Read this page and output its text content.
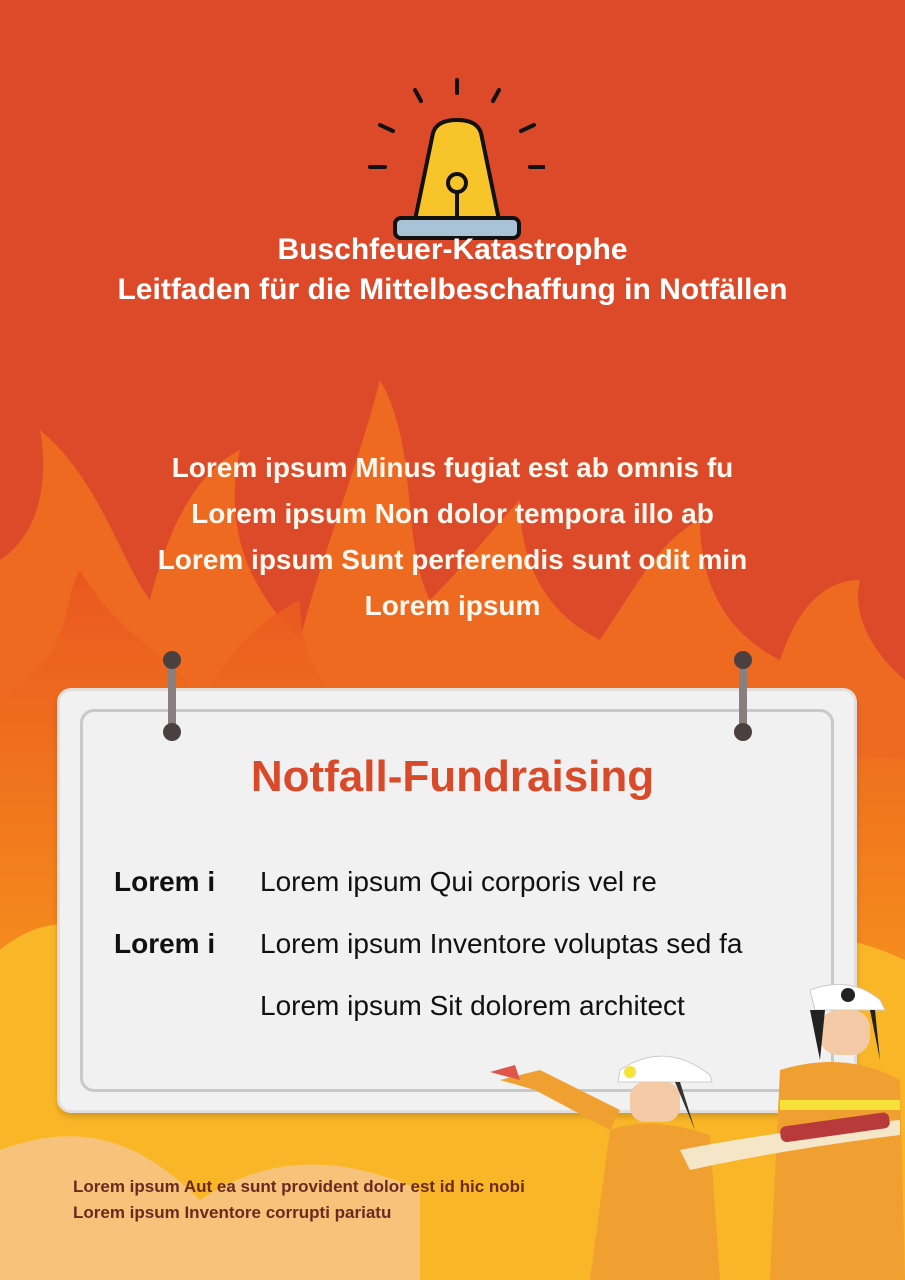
Buschfeuer-Katastrophe
Leitfaden für die Mittelbeschaffung in Notfällen
Lorem ipsum Minus fugiat est ab omnis fu
Lorem ipsum Non dolor tempora illo ab
Lorem ipsum Sunt perferendis sunt odit min
Lorem ipsum
Notfall-Fundraising
Lorem i Lorem ipsum Qui corporis vel re
Lorem i Lorem ipsum Inventore voluptas sed fa
Lorem ipsum Sit dolorem architect
Lorem ipsum Aut ea sunt provident dolor est id hic nobi
Lorem ipsum Inventore corrupti pariatu
